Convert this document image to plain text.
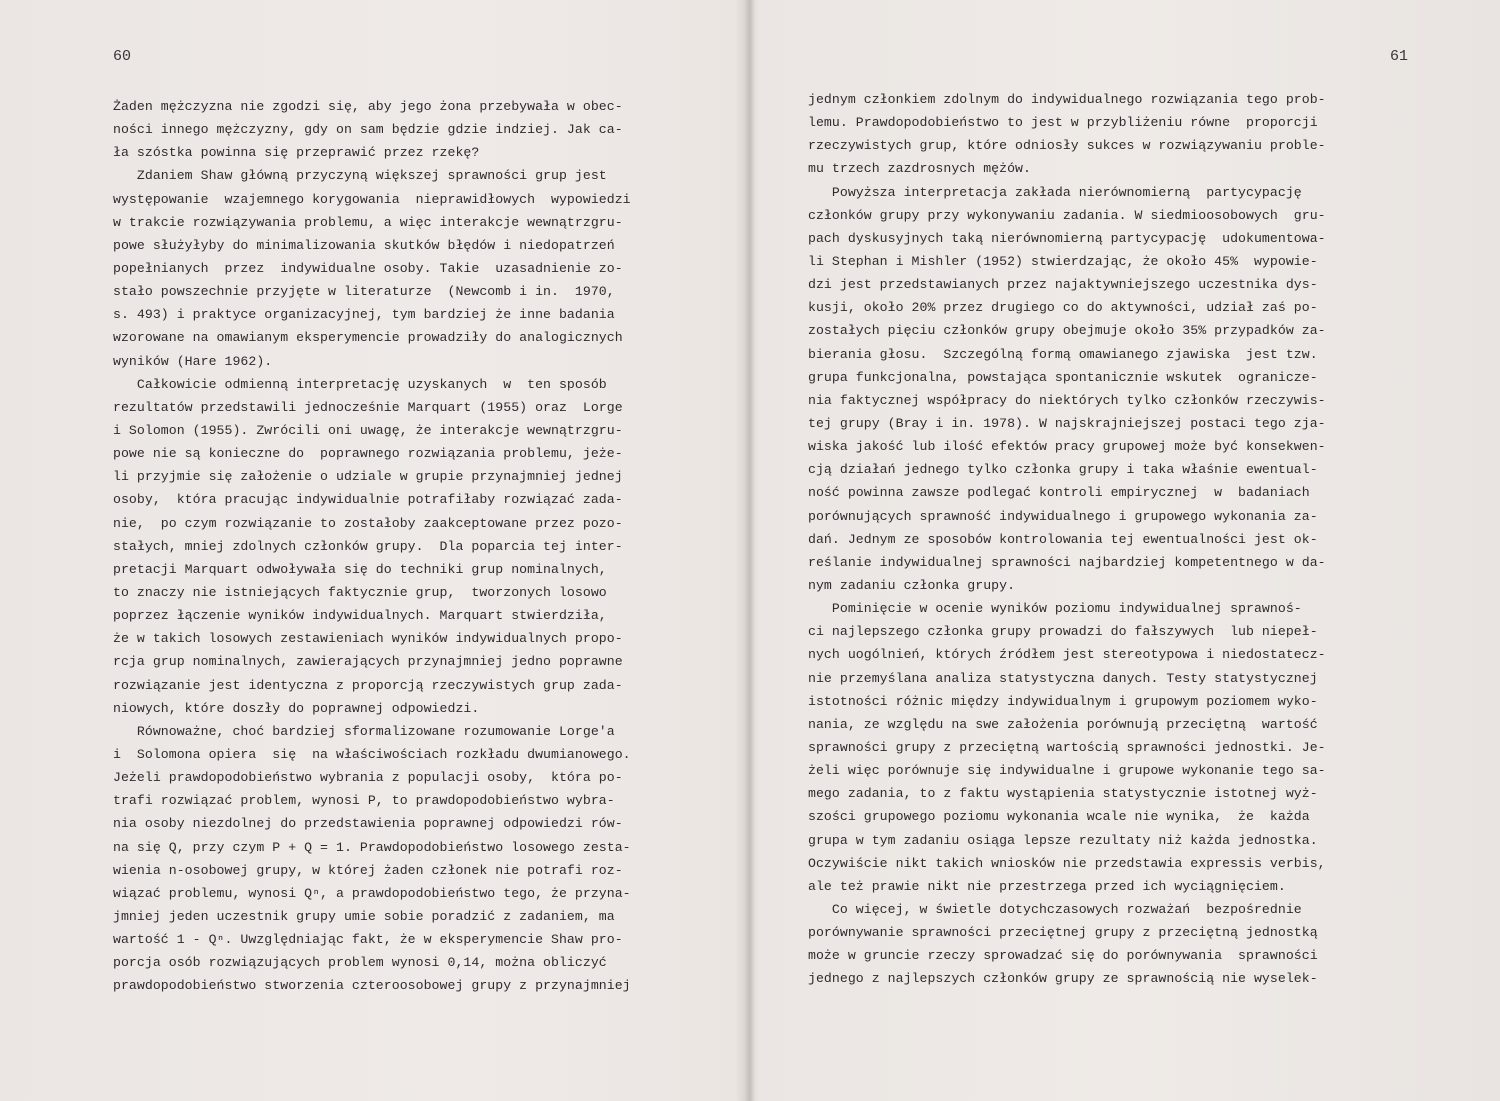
60
Żaden mężczyzna nie zgodzi się, aby jego żona przebywała w obec-
ności innego mężczyzny, gdy on sam będzie gdzie indziej. Jak ca-
ła szóstka powinna się przeprawić przez rzekę?
Zdaniem Shaw główną przyczyną większej sprawności grup jest
występowanie  wzajemnego korygowania  nieprawidłowych  wypowiedzi
w trakcie rozwiązywania problemu, a więc interakcje wewnątrzgru-
powe służyłyby do minimalizowania skutków błędów i niedopatrzeń
popełnianych  przez  indywidualne osoby. Takie  uzasadnienie zo-
stało powszechnie przyjęte w literaturze  (Newcomb i in.  1970,
s. 493) i praktyce organizacyjnej, tym bardziej że inne badania
wzorowane na omawianym eksperymencie prowadziły do analogicznych
wyników (Hare 1962).
Całkowicie odmienną interpretację uzyskanych  w  ten sposób
rezultatów przedstawili jednocześnie Marquart (1955) oraz  Lorge
i Solomon (1955). Zwrócili oni uwagę, że interakcje wewnątrzgru-
powe nie są konieczne do  poprawnego rozwiązania problemu, jeże-
li przyjmie się założenie o udziale w grupie przynajmniej jednej
osoby,  która pracując indywidualnie potrafiłaby rozwiązać zada-
nie,  po czym rozwiązanie to zostałoby zaakceptowane przez pozo-
stałych, mniej zdolnych członków grupy.  Dla poparcia tej inter-
pretacji Marquart odwoływała się do techniki grup nominalnych,
to znaczy nie istniejących faktycznie grup,  tworzonych losowo
poprzez łączenie wyników indywidualnych. Marquart stwierdziła,
że w takich losowych zestawieniach wyników indywidualnych propo-
rcja grup nominalnych, zawierających przynajmniej jedno poprawne
rozwiązanie jest identyczna z proporcją rzeczywistych grup zada-
niowych, które doszły do poprawnej odpowiedzi.
Równoważne, choć bardziej sformalizowane rozumowanie Lorge'a
i  Solomona opiera  się  na właściwościach rozkładu dwumianowego.
Jeżeli prawdopodobieństwo wybrania z populacji osoby,  która po-
trafi rozwiązać problem, wynosi P, to prawdopodobieństwo wybra-
nia osoby niezdolnej do przedstawienia poprawnej odpowiedzi rów-
na się Q, przy czym P + Q = 1. Prawdopodobieństwo losowego zesta-
wienia n-osobowej grupy, w której żaden członek nie potrafi roz-
wiązać problemu, wynosi Qⁿ, a prawdopodobieństwo tego, że przyna-
jmniej jeden uczestnik grupy umie sobie poradzić z zadaniem, ma
wartość 1 - Qⁿ. Uwzględniając fakt, że w eksperymencie Shaw pro-
porcja osób rozwiązujących problem wynosi 0,14, można obliczyć
prawdopodobieństwo stworzenia czteroosobowej grupy z przynajmniej
61
jednym członkiem zdolnym do indywidualnego rozwiązania tego prob-
lemu. Prawdopodobieństwo to jest w przybliżeniu równe  proporcji
rzeczywistych grup, które odniosły sukces w rozwiązywaniu proble-
mu trzech zazdrosnych mężów.
Powyższa interpretacja zakłada nierównomierną  partycypację
członków grupy przy wykonywaniu zadania. W siedmioosobowych  gru-
pach dyskusyjnych taką nierównomierną partycypację  udokumentowa-
li Stephan i Mishler (1952) stwierdzając, że około 45%  wypowie-
dzi jest przedstawianych przez najaktywniejszego uczestnika dys-
kusji, około 20% przez drugiego co do aktywności, udział zaś po-
zostałych pięciu członków grupy obejmuje około 35% przypadków za-
bierania głosu.  Szczególną formą omawianego zjawiska  jest tzw.
grupa funkcjonalna, powstająca spontanicznie wskutek  ogranicze-
nia faktycznej współpracy do niektórych tylko członków rzeczywis-
tej grupy (Bray i in. 1978). W najskrajniejszej postaci tego zja-
wiska jakość lub ilość efektów pracy grupowej może być konsekwen-
cją działań jednego tylko członka grupy i taka właśnie ewentual-
ność powinna zawsze podlegać kontroli empirycznej  w  badaniach
porównujących sprawność indywidualnego i grupowego wykonania za-
dań. Jednym ze sposobów kontrolowania tej ewentualności jest ok-
reślanie indywidualnej sprawności najbardziej kompetentnego w da-
nym zadaniu członka grupy.
Pominięcie w ocenie wyników poziomu indywidualnej sprawnoś-
ci najlepszego członka grupy prowadzi do fałszywych  lub niepeł-
nych uogólnień, których źródłem jest stereotypowa i niedostatecz-
nie przemyślana analiza statystyczna danych. Testy statystycznej
istotności różnic między indywidualnym i grupowym poziomem wyko-
nania, ze względu na swe założenia porównują przeciętną  wartość
sprawności grupy z przeciętną wartością sprawności jednostki. Je-
żeli więc porównuje się indywidualne i grupowe wykonanie tego sa-
mego zadania, to z faktu wystąpienia statystycznie istotnej wyż-
szości grupowego poziomu wykonania wcale nie wynika,  że  każda
grupa w tym zadaniu osiąga lepsze rezultaty niż każda jednostka.
Oczywiście nikt takich wniosków nie przedstawia expressis verbis,
ale też prawie nikt nie przestrzega przed ich wyciągnięciem.
Co więcej, w świetle dotychczasowych rozważań  bezpośrednie
porównywanie sprawności przeciętnej grupy z przeciętną jednostką
może w gruncie rzeczy sprowadzać się do porównywania  sprawności
jednego z najlepszych członków grupy ze sprawnością nie wyselek-
